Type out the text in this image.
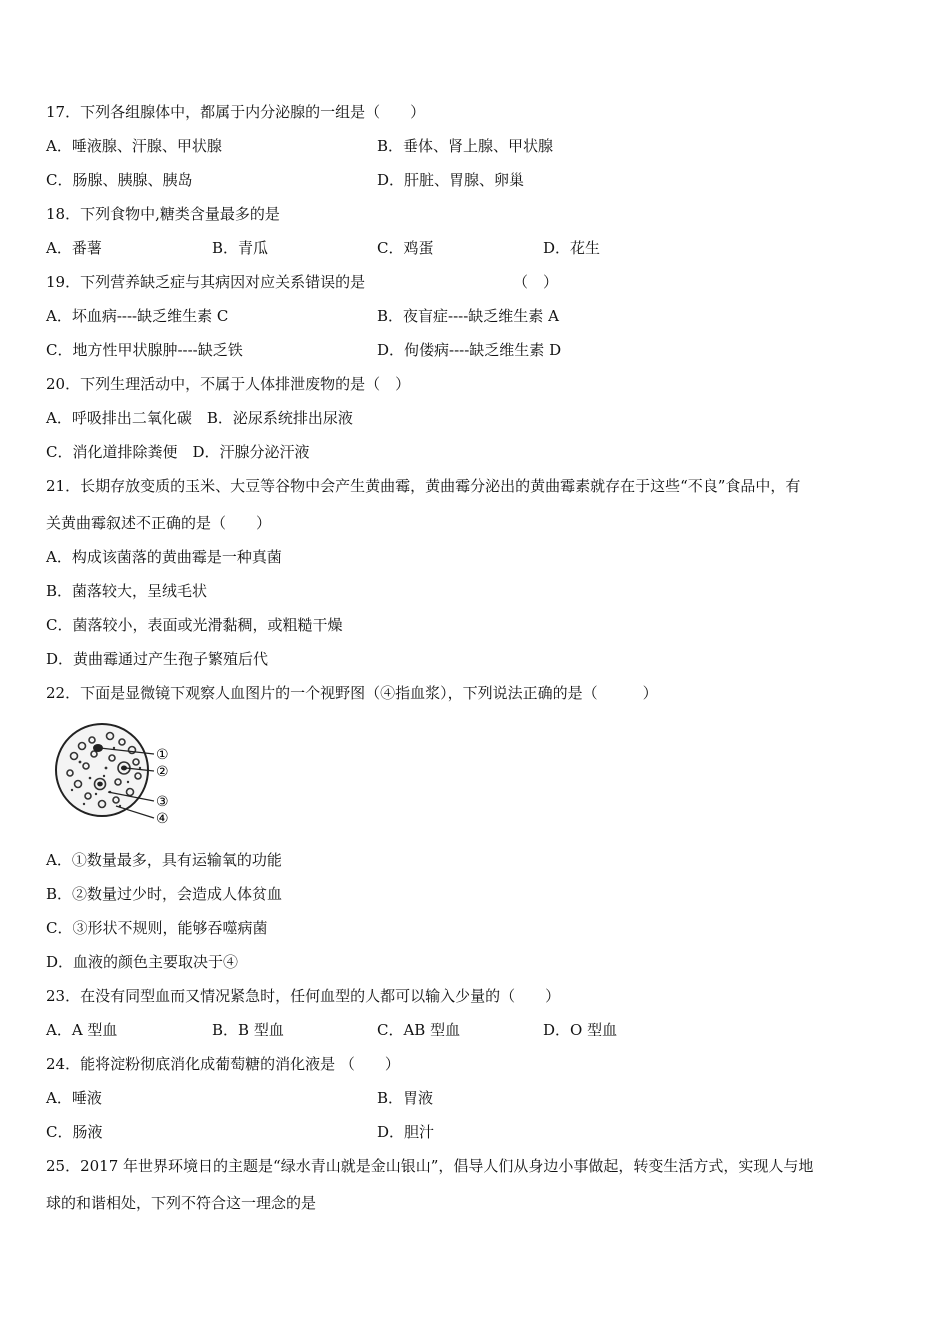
17．下列各组腺体中，都属于内分泌腺的一组是（　　）
A．唾液腺、汗腺、甲状腺	B．垂体、肾上腺、甲状腺
C．肠腺、胰腺、胰岛	D．肝脏、胃腺、卵巢
18．下列食物中,糖类含量最多的是
A．番薯	B．青瓜	C．鸡蛋	D．花生
19．下列营养缺乏症与其病因对应关系错误的是	（　）
A．坏血病----缺乏维生素 C	B．夜盲症----缺乏维生素 A
C．地方性甲状腺肿----缺乏铁	D．佝偻病----缺乏维生素 D
20．下列生理活动中，不属于人体排泄废物的是（　）
A．呼吸排出二氧化碳　B．泌尿系统排出尿液
C．消化道排除粪便　D．汗腺分泌汗液
21．长期存放变质的玉米、大豆等谷物中会产生黄曲霉，黄曲霉分泌出的黄曲霉素就存在于这些“不良”食品中，有
关黄曲霉叙述不正确的是（　　）
A．构成该菌落的黄曲霉是一种真菌
B．菌落较大，呈绒毛状
C．菌落较小，表面或光滑黏稠，或粗糙干燥
D．黄曲霉通过产生孢子繁殖后代
22．下面是显微镜下观察人血图片的一个视野图（④指血浆），下列说法正确的是（　　　）
①
②
③
④
A．①数量最多，具有运输氧的功能
B．②数量过少时，会造成人体贫血
C．③形状不规则，能够吞噬病菌
D．血液的颜色主要取决于④
23．在没有同型血而又情况紧急时，任何血型的人都可以输入少量的（　　）
A．A 型血	B．B 型血	C．AB 型血	D．O 型血
24．能将淀粉彻底消化成葡萄糖的消化液是 （　　）
A．唾液	B．胃液
C．肠液	D．胆汁
25．2017 年世界环境日的主题是“绿水青山就是金山银山”，倡导人们从身边小事做起，转变生活方式，实现人与地
球的和谐相处，下列不符合这一理念的是
